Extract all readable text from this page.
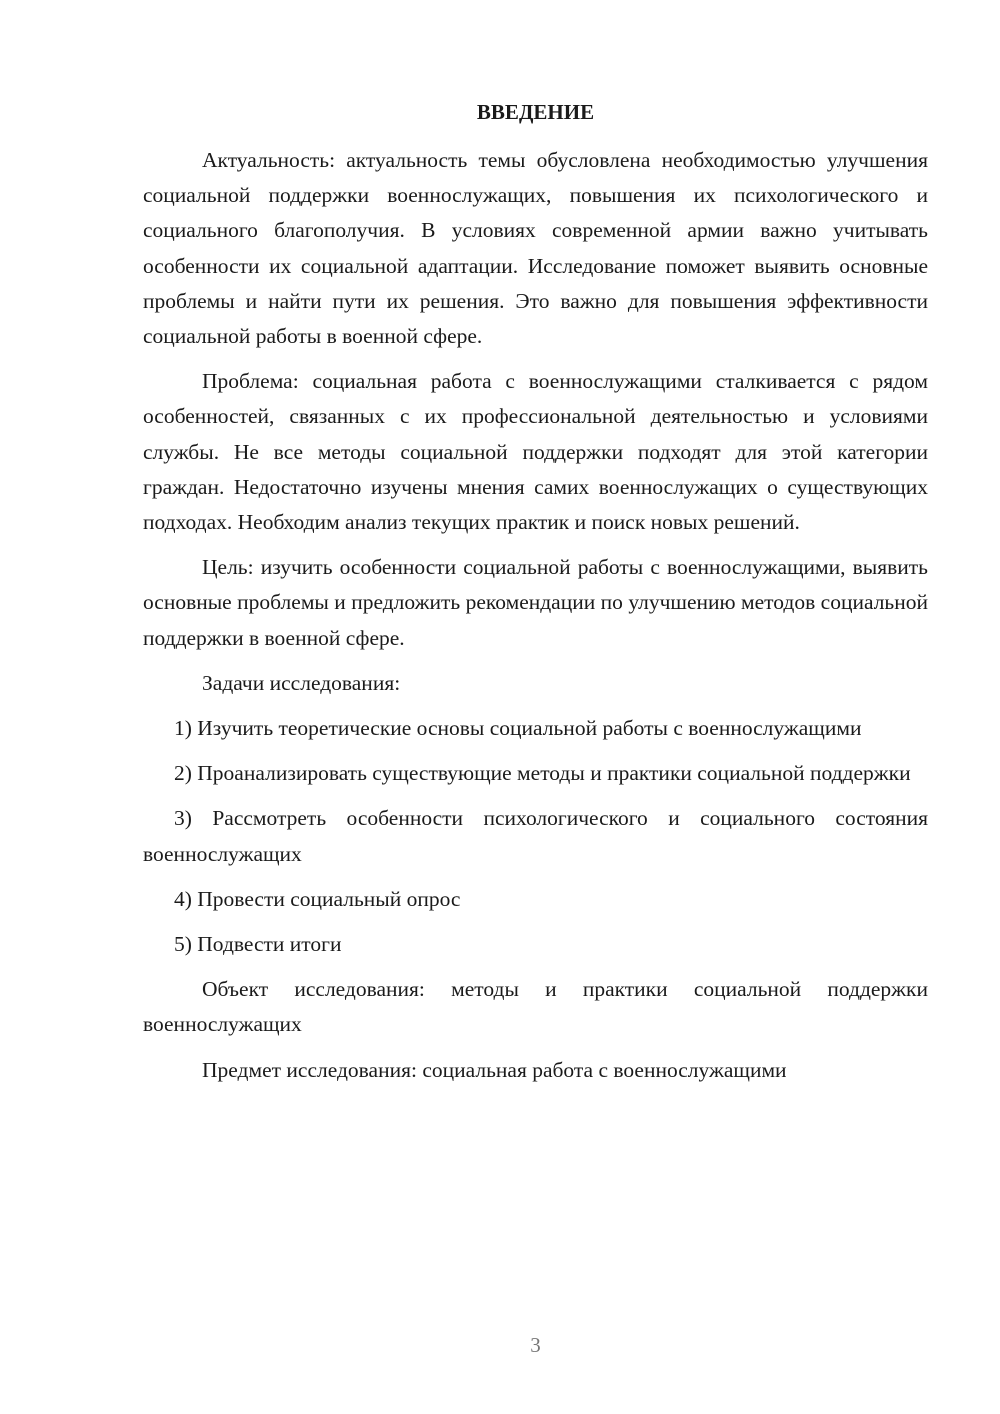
ВВЕДЕНИЕ

Актуальность: актуальность темы обусловлена необходимостью улучшения социальной поддержки военнослужащих, повышения их психологического и социального благополучия. В условиях современной армии важно учитывать особенности их социальной адаптации. Исследование поможет выявить основные проблемы и найти пути их решения. Это важно для повышения эффективности социальной работы в военной сфере.

Проблема: социальная работа с военнослужащими сталкивается с рядом особенностей, связанных с их профессиональной деятельностью и условиями службы. Не все методы социальной поддержки подходят для этой категории граждан. Недостаточно изучены мнения самих военнослужащих о существующих подходах. Необходим анализ текущих практик и поиск новых решений.

Цель: изучить особенности социальной работы с военнослужащими, выявить основные проблемы и предложить рекомендации по улучшению методов социальной поддержки в военной сфере.

Задачи исследования:

1) Изучить теоретические основы социальной работы с военнослужащими

2) Проанализировать существующие методы и практики социальной поддержки

3) Рассмотреть особенности психологического и социального состояния военнослужащих

4) Провести социальный опрос

5) Подвести итоги

Объект исследования: методы и практики социальной поддержки военнослужащих

Предмет исследования: социальная работа с военнослужащими

3
